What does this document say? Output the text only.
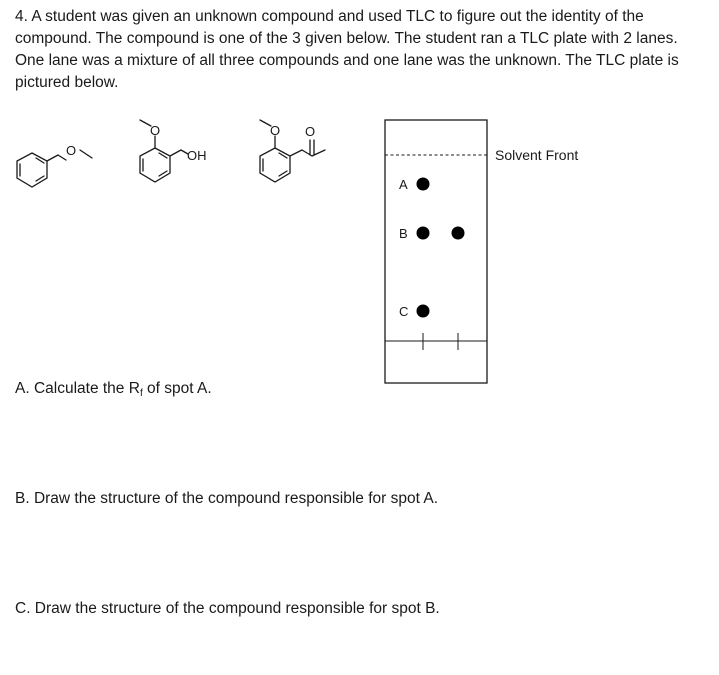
4. A student was given an unknown compound and used TLC to figure out the identity of the compound. The compound is one of the 3 given below. The student ran a TLC plate with 2 lanes. One lane was a mixture of all three compounds and one lane was the unknown. The TLC plate is pictured below.
O
O
OH
O O
A
B
C
Solvent Front
A. Calculate the Rf of spot A.
B. Draw the structure of the compound responsible for spot A.
C. Draw the structure of the compound responsible for spot B.
